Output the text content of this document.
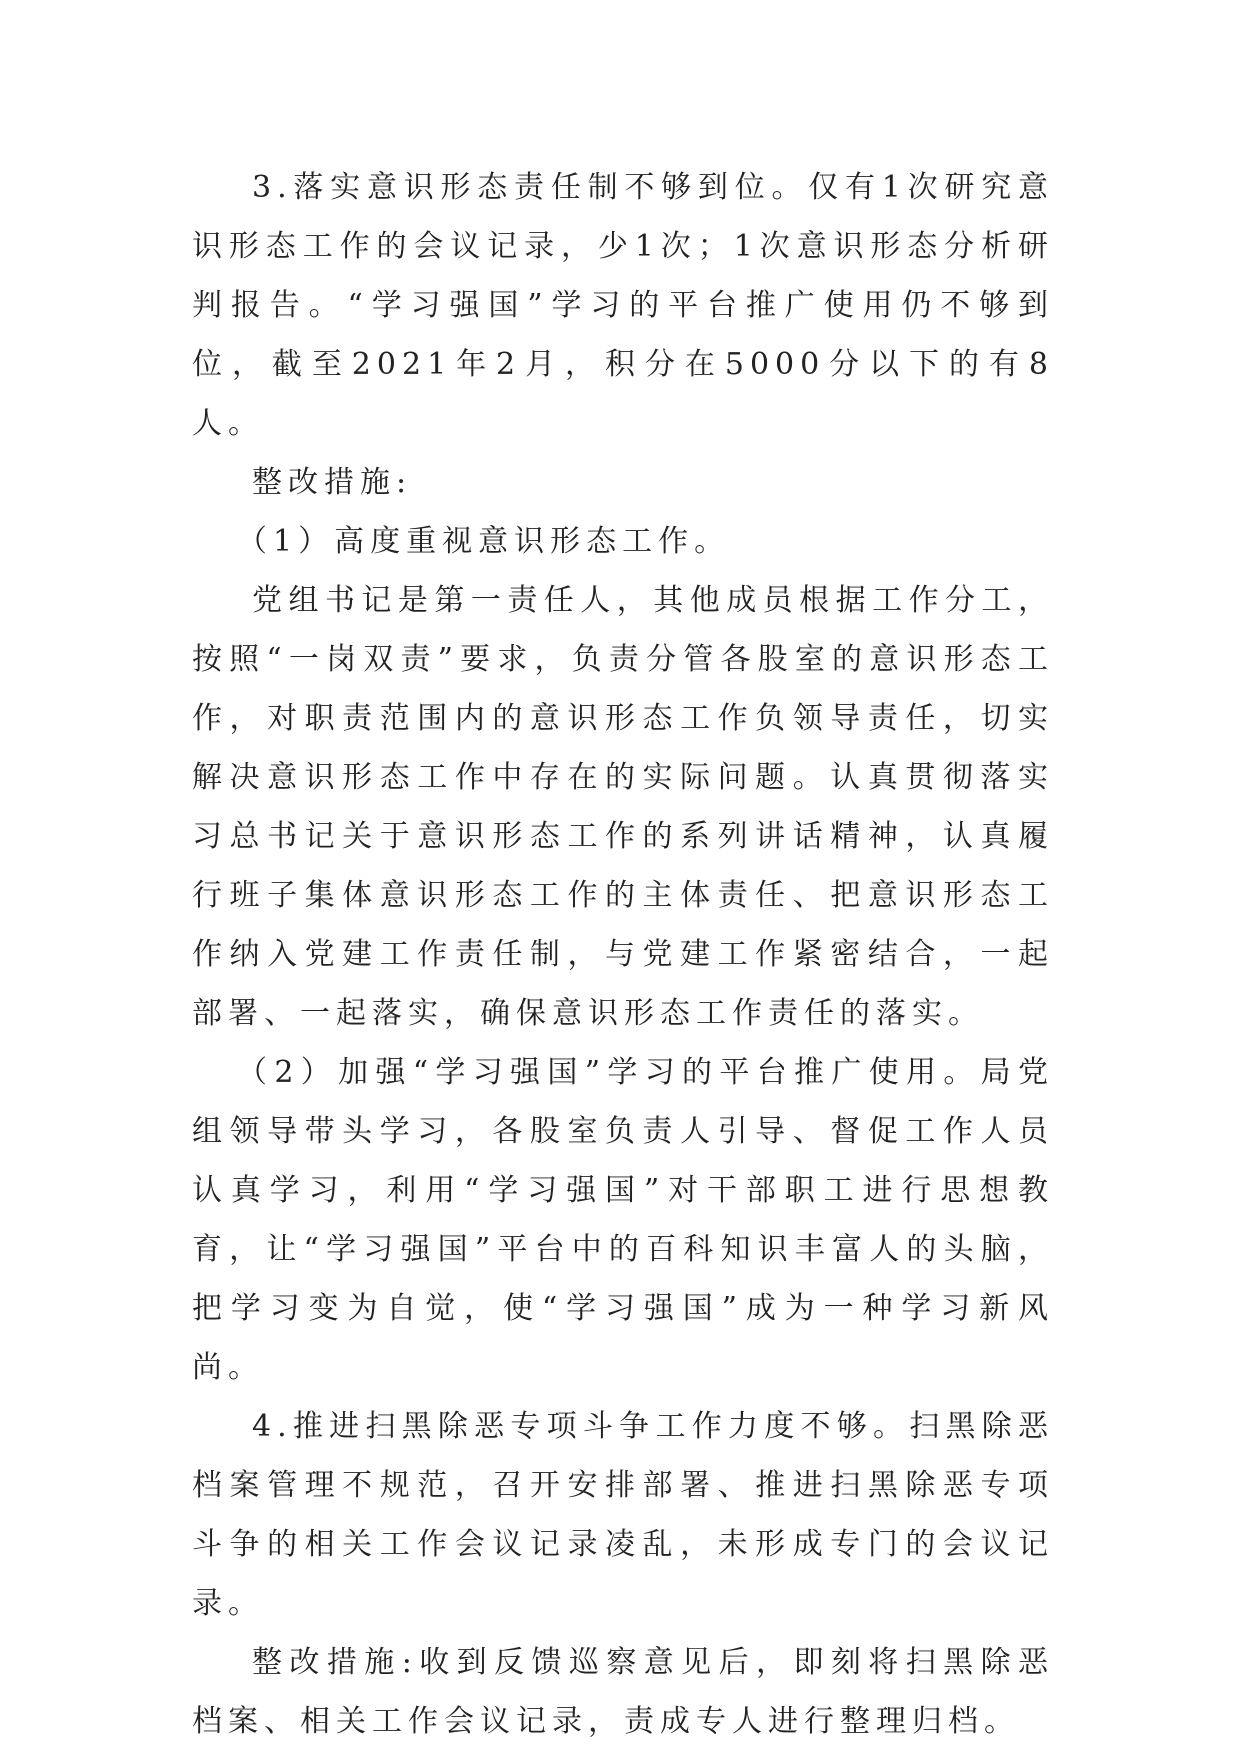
3.落实意识形态责任制不够到位。仅有1次研究意识形态工作的会议记录，少1次；1次意识形态分析研判报告。“学习强国”学习的平台推广使用仍不够到位，截至2021年2月，积分在5000分以下的有8人。

整改措施:

（1）高度重视意识形态工作。

党组书记是第一责任人，其他成员根据工作分工，按照“一岗双责”要求，负责分管各股室的意识形态工作，对职责范围内的意识形态工作负领导责任，切实解决意识形态工作中存在的实际问题。认真贯彻落实习总书记关于意识形态工作的系列讲话精神，认真履行班子集体意识形态工作的主体责任、把意识形态工作纳入党建工作责任制，与党建工作紧密结合，一起部署、一起落实，确保意识形态工作责任的落实。

（2）加强“学习强国”学习的平台推广使用。局党组领导带头学习，各股室负责人引导、督促工作人员认真学习，利用“学习强国”对干部职工进行思想教育，让“学习强国”平台中的百科知识丰富人的头脑，把学习变为自觉，使“学习强国”成为一种学习新风尚。

4.推进扫黑除恶专项斗争工作力度不够。扫黑除恶档案管理不规范，召开安排部署、推进扫黑除恶专项斗争的相关工作会议记录凌乱，未形成专门的会议记录。

整改措施:收到反馈巡察意见后，即刻将扫黑除恶档案、相关工作会议记录，责成专人进行整理归档。
